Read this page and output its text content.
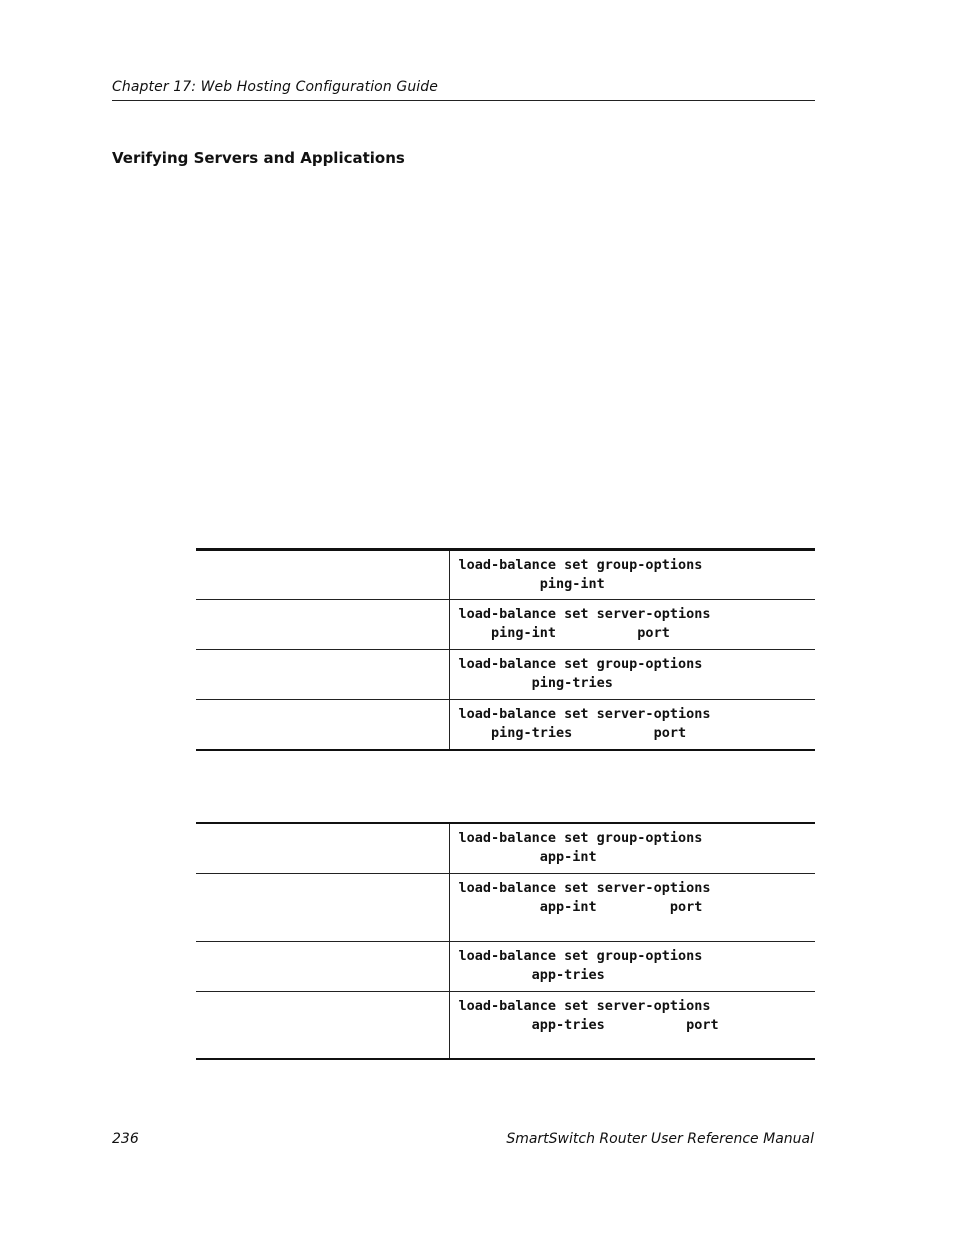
Chapter 17: Web Hosting Configuration Guide
Verifying Servers and Applications

	load-balance set group-options
ping-int

	load-balance set server-options
ping-int          port

	load-balance set group-options
ping-tries

	load-balance set server-options
ping-tries          port

	load-balance set group-options
app-int

	load-balance set server-options
app-int         port

	load-balance set group-options
app-tries

	load-balance set server-options
app-tries          port
236	SmartSwitch Router User Reference Manual
